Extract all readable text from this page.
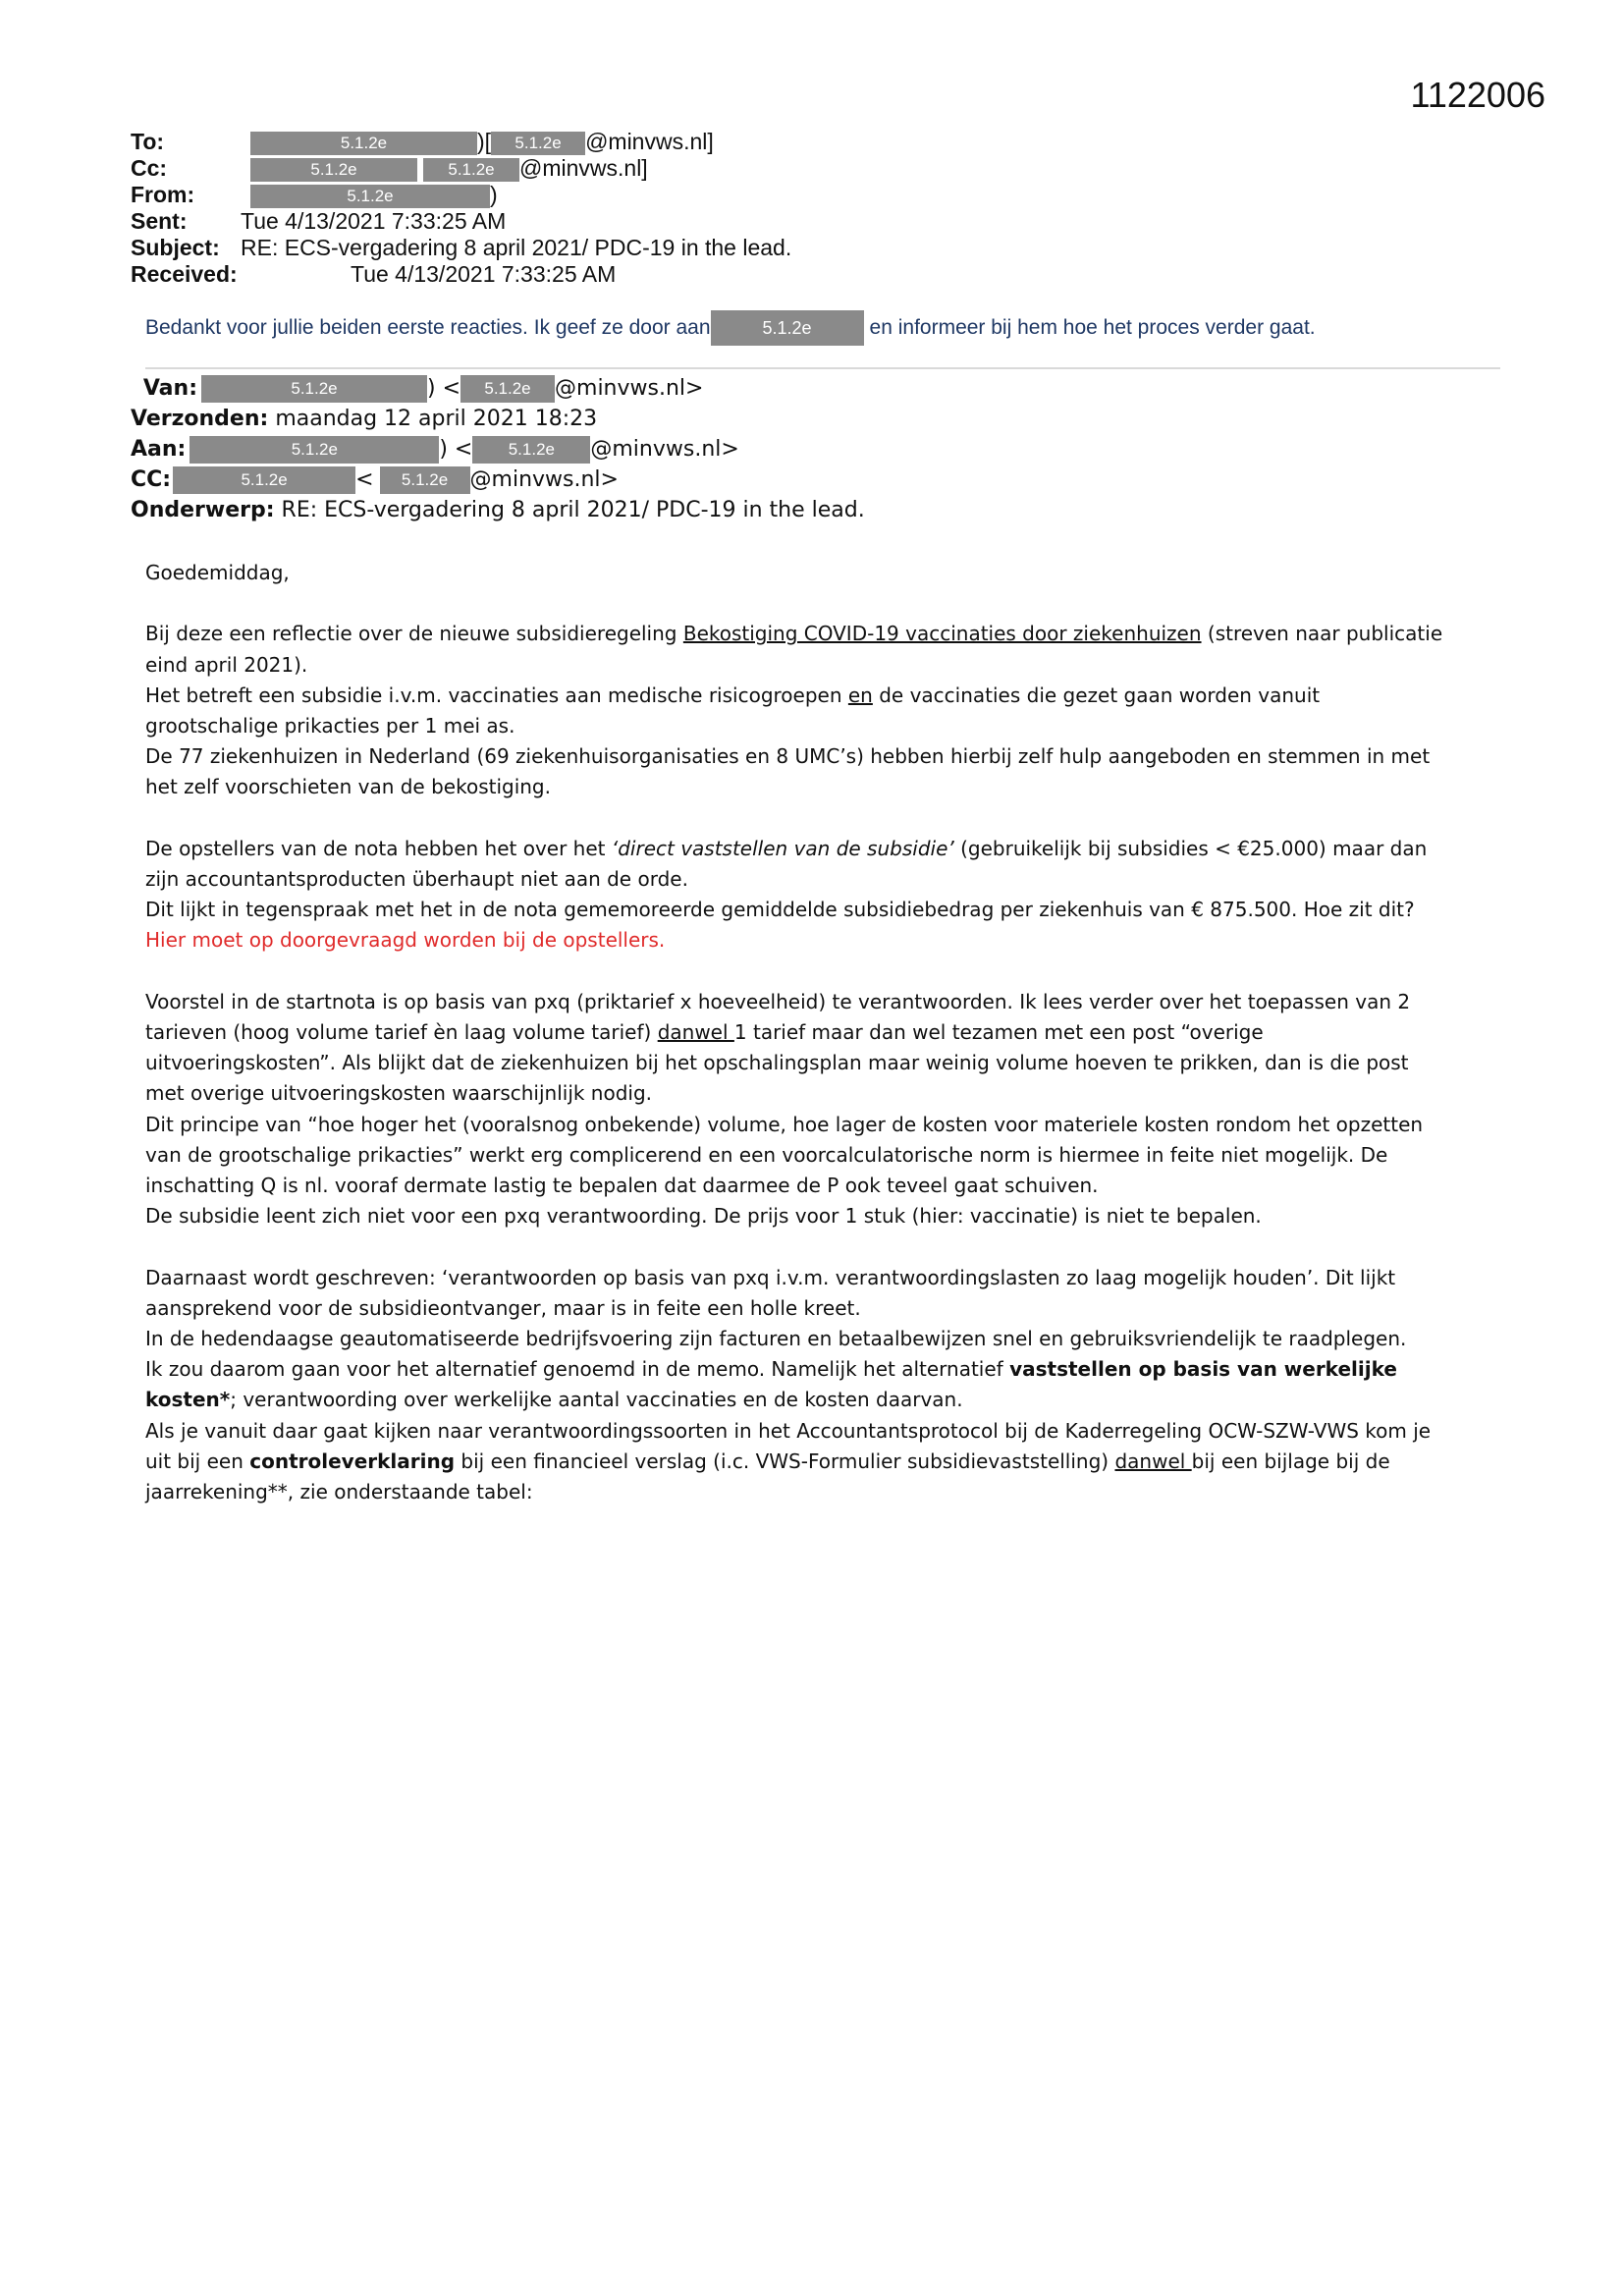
1122006
To:	5.1.2e	)[ 5.1.2e @minvws.nl]
Cc:	5.1.2e	5.1.2e @minvws.nl]
From:	5.1.2e	)
Sent: Tue 4/13/2021 7:33:25 AM
Subject: RE: ECS-vergadering 8 april 2021/ PDC-19 in the lead.
Received:	Tue 4/13/2021 7:33:25 AM
Bedankt voor jullie beiden eerste reacties. Ik geef ze door aan	5.1.2e	en informeer bij hem hoe het proces verder gaat.
Van:	5.1.2e	) < 5.1.2e @minvws.nl>
Verzonden: maandag 12 april 2021 18:23
Aan:	5.1.2e	) < 5.1.2e @minvws.nl>
CC:	5.1.2e	< 5.1.2e @minvws.nl>
Onderwerp: RE: ECS-vergadering 8 april 2021/ PDC-19 in the lead.

Goedemiddag,

Bij deze een reflectie over de nieuwe subsidieregeling Bekostiging COVID-19 vaccinaties door ziekenhuizen (streven naar publicatie
eind april 2021).
Het betreft een subsidie i.v.m. vaccinaties aan medische risicogroepen en de vaccinaties die gezet gaan worden vanuit
grootschalige prikacties per 1 mei as.
De 77 ziekenhuizen in Nederland (69 ziekenhuisorganisaties en 8 UMC’s) hebben hierbij zelf hulp aangeboden en stemmen in met
het zelf voorschieten van de bekostiging.

De opstellers van de nota hebben het over het ‘direct vaststellen van de subsidie’ (gebruikelijk bij subsidies < €25.000) maar dan
zijn accountantsproducten überhaupt niet aan de orde.
Dit lijkt in tegenspraak met het in de nota gememoreerde gemiddelde subsidiebedrag per ziekenhuis van € 875.500. Hoe zit dit?
Hier moet op doorgevraagd worden bij de opstellers.

Voorstel in de startnota is op basis van pxq (priktarief x hoeveelheid) te verantwoorden. Ik lees verder over het toepassen van 2
tarieven (hoog volume tarief èn laag volume tarief) danwel 1 tarief maar dan wel tezamen met een post “overige
uitvoeringskosten”. Als blijkt dat de ziekenhuizen bij het opschalingsplan maar weinig volume hoeven te prikken, dan is die post
met overige uitvoeringskosten waarschijnlijk nodig.
Dit principe van “hoe hoger het (vooralsnog onbekende) volume, hoe lager de kosten voor materiele kosten rondom het opzetten
van de grootschalige prikacties” werkt erg complicerend en een voorcalculatorische norm is hiermee in feite niet mogelijk. De
inschatting Q is nl. vooraf dermate lastig te bepalen dat daarmee de P ook teveel gaat schuiven.
De subsidie leent zich niet voor een pxq verantwoording. De prijs voor 1 stuk (hier: vaccinatie) is niet te bepalen.

Daarnaast wordt geschreven: ‘verantwoorden op basis van pxq i.v.m. verantwoordingslasten zo laag mogelijk houden’. Dit lijkt
aansprekend voor de subsidieontvanger, maar is in feite een holle kreet.
In de hedendaagse geautomatiseerde bedrijfsvoering zijn facturen en betaalbewijzen snel en gebruiksvriendelijk te raadplegen.
Ik zou daarom gaan voor het alternatief genoemd in de memo. Namelijk het alternatief vaststellen op basis van werkelijke
kosten*; verantwoording over werkelijke aantal vaccinaties en de kosten daarvan.
Als je vanuit daar gaat kijken naar verantwoordingssoorten in het Accountantsprotocol bij de Kaderregeling OCW-SZW-VWS kom je
uit bij een controleverklaring bij een financieel verslag (i.c. VWS-Formulier subsidievaststelling) danwel bij een bijlage bij de
jaarrekening**, zie onderstaande tabel:
